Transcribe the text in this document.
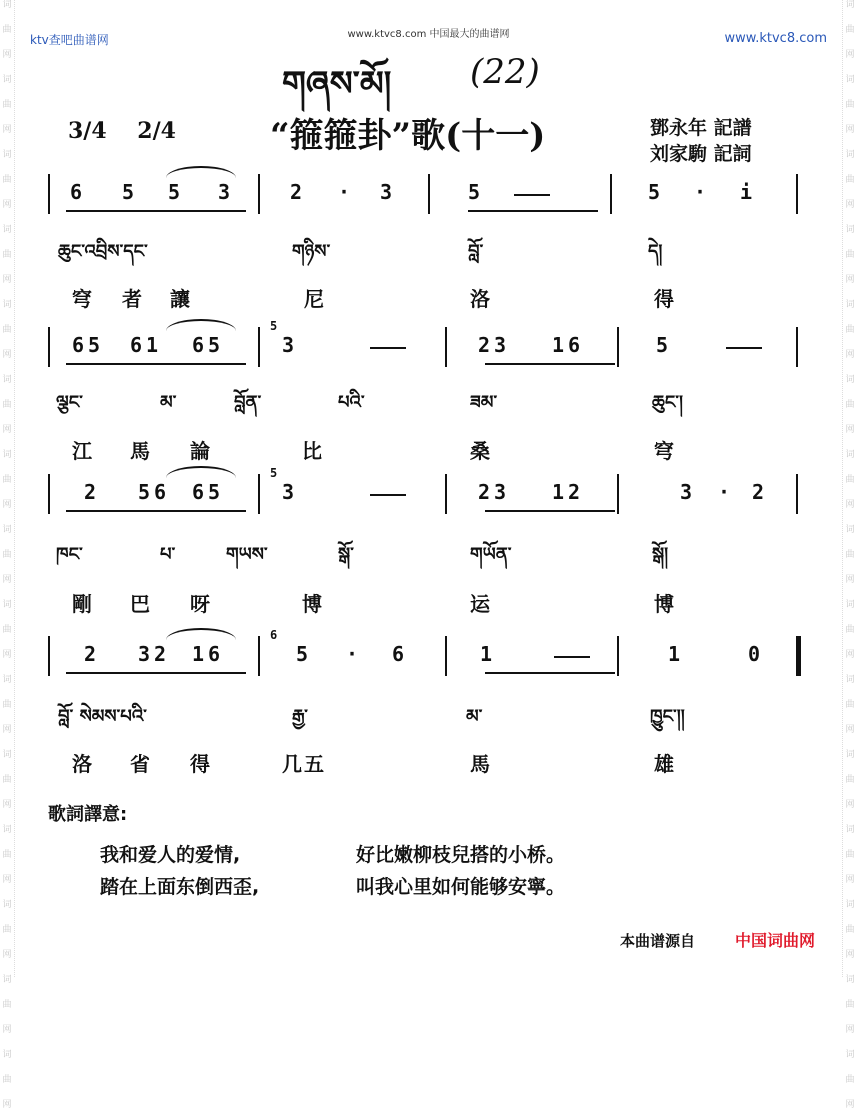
词
曲
网
词
曲
网
词
曲
网
词
曲
网
词
曲
网
词
曲
网
词
曲
网
词
曲
网
词
曲
网
词
曲
网
词
曲
网
词
曲
网
词
曲
网
词
曲
网
词
曲
网
词
曲
网
词
曲
网
词
曲
网
词
曲
网
词
曲
网
词
曲
网
词
曲
网
词
曲
网
词
曲
网
词
曲
网
词
曲
网
词
曲
网
词
曲
网
词
曲
网
词
曲
网
ktv查吧曲谱网	www.ktvc8.com 中国最大的曲谱网	www.ktvc8.com
གཞས་མོ། (22)
3/4 2/4	“箍箍卦”歌(十一)	鄧永年 記譜
刘家駒 記詞
6 5 5 3	2 · 3	5	5 · i
ཆུང་འབྲིས་དང་	གཉིས་	བློ་	དེ།
穹 者 讓	尼	洛	得
6 5 6 1 6 5	3	2 3 1 6	5
5
ལྕང་	མ་	བློན་	པའི་	ཟམ་	ཆུང་།
江 馬 論	比	桑	穹
2 5 6 6 5	3	2 3 1 2	3 · 2
5
ཁང་	པ་	གཡས་	སྒོ་	གཡོན་	སྒོ།
剛 巴 呀	博	运	博
2 3 2 1 6	5 · 6	1	1	0
6
བློ་ སེམས་པའི་	རྒྱ་	མ་	ཁྱུང་།།
洛 省 得	几五	馬	雄
歌詞譯意:
我和爱人的爱情,	好比嫩柳枝兒搭的小桥。
踏在上面东倒西歪,	叫我心里如何能够安寧。
本曲谱源自 中国词曲网
